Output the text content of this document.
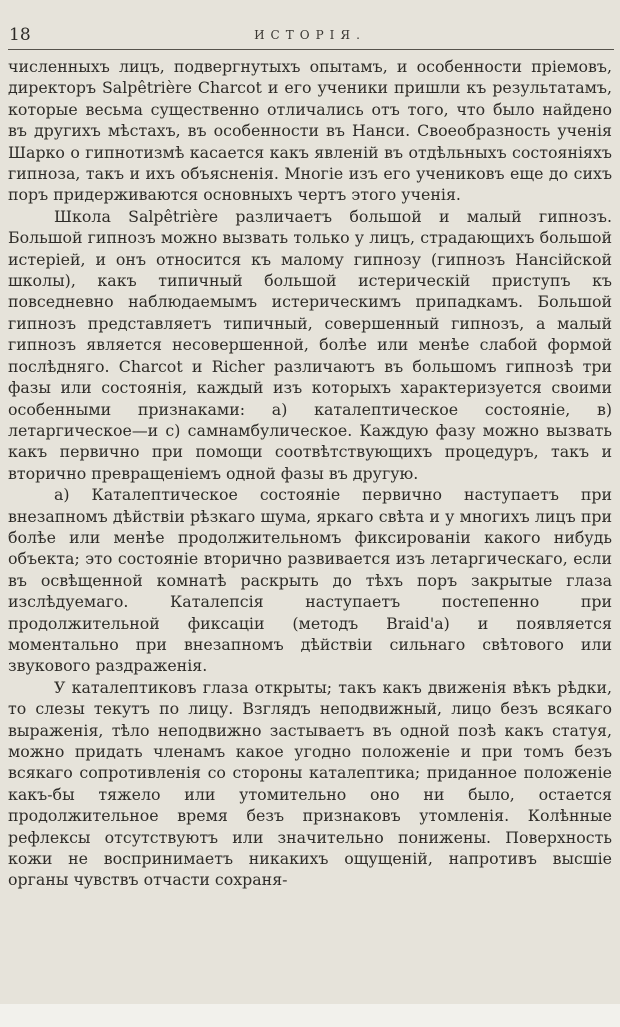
18	ИСТОРІЯ.

численныхъ лицъ, подвергнутыхъ опытамъ, и особенности пріемовъ, директоръ Salpêtrière Charcot и его ученики пришли къ результатамъ, которые весьма существенно отличались отъ того, что было найдено въ другихъ мѣстахъ, въ особенности въ Нанси. Своеобразность ученія Шарко о гипнотизмѣ касается какъ явленій въ отдѣльныхъ состояніяхъ гипноза, такъ и ихъ объясненія. Многіе изъ его учениковъ еще до сихъ поръ придерживаются основныхъ чертъ этого ученія.

Школа Salpêtrière различаетъ большой и малый гипнозъ. Большой гипнозъ можно вызвать только у лицъ, страдающихъ большой истеріей, и онъ относится къ малому гипнозу (гипнозъ Нансійской школы), какъ типичный большой истерическій приступъ къ повседневно наблюдаемымъ истерическимъ припадкамъ. Большой гипнозъ представляетъ типичный, совершенный гипнозъ, а малый гипнозъ является несовершенной, болѣе или менѣе слабой формой послѣдняго. Charcot и Richer различаютъ въ большомъ гипнозѣ три фазы или состоянія, каждый изъ которыхъ характеризуется своими особенными признаками: а) каталептическое состояніе, в) летаргическое—и с) самнамбулическое. Каждую фазу можно вызвать какъ первично при помощи соотвѣтствующихъ процедуръ, такъ и вторично превращеніемъ одной фазы въ другую.

а) Каталептическое состояніе первично наступаетъ при внезапномъ дѣйствіи рѣзкаго шума, яркаго свѣта и у многихъ лицъ при болѣе или менѣе продолжительномъ фиксированіи какого нибудь объекта; это состояніе вторично развивается изъ летаргическаго, если въ освѣщенной комнатѣ раскрыть до тѣхъ поръ закрытые глаза изслѣдуемаго. Каталепсія наступаетъ постепенно при продолжительной фиксаціи (методъ Braid'а) и появляется моментально при внезапномъ дѣйствіи сильнаго свѣтового или звукового раздраженія.

У каталептиковъ глаза открыты; такъ какъ движенія вѣкъ рѣдки, то слезы текутъ по лицу. Взглядъ неподвижный, лицо безъ всякаго выраженія, тѣло неподвижно застываетъ въ одной позѣ какъ статуя, можно придать членамъ какое угодно положеніе и при томъ безъ всякаго сопротивленія со стороны каталептика; приданное положеніе какъ-бы тяжело или утомительно оно ни было, остается продолжительное время безъ признаковъ утомленія. Колѣнные рефлексы отсутствуютъ или значительно понижены. Поверхность кожи не воспринимаетъ никакихъ ощущеній, напротивъ высшіе органы чувствъ отчасти сохраня-
